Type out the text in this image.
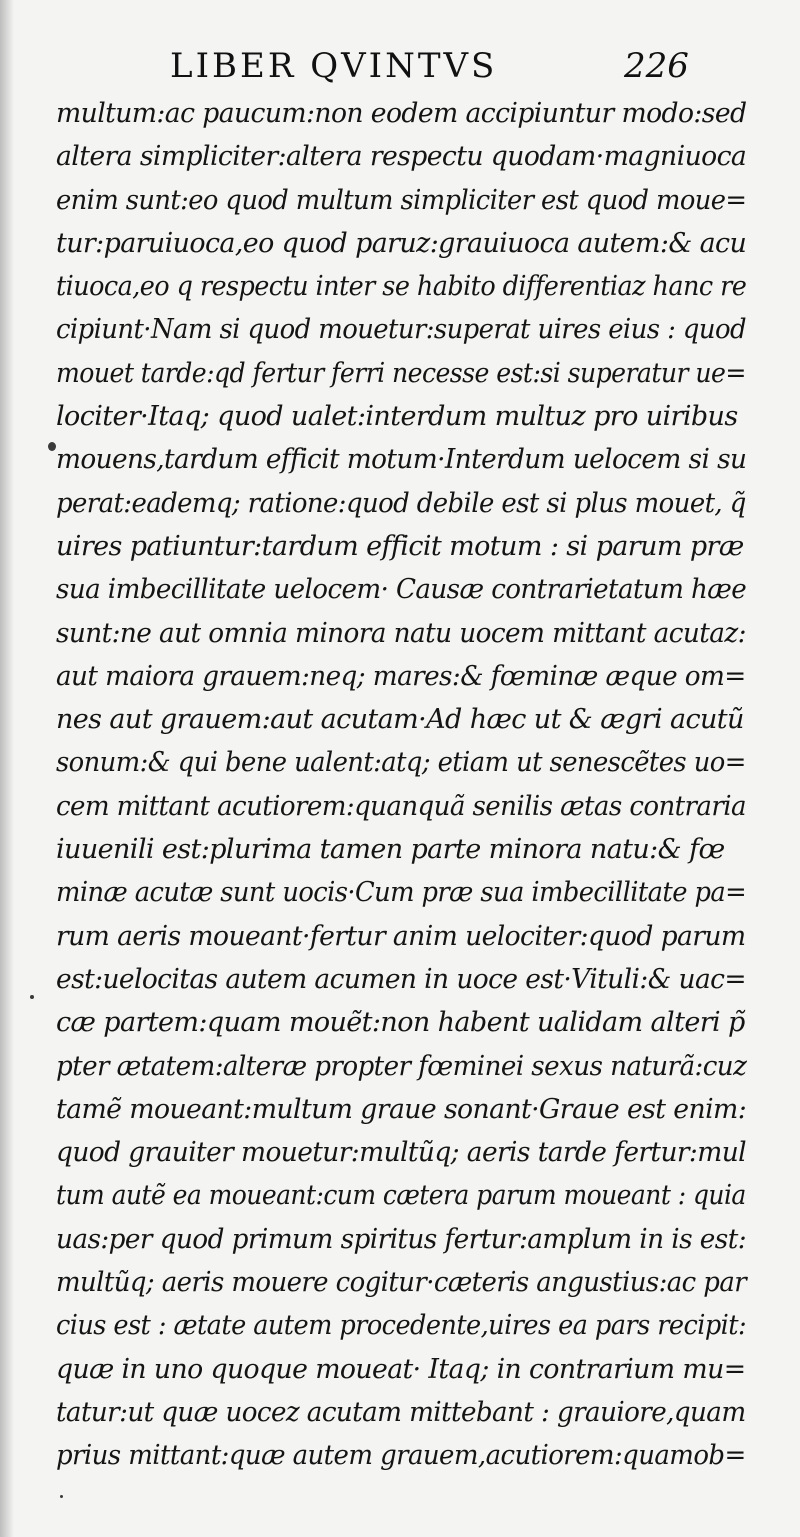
LIBER QVINTVS	226
multum:ac paucum:non eodem accipiuntur modo:sed
altera simpliciter:altera respectu quodam·magniuoca
enim sunt:eo quod multum simpliciter est quod moue=
tur:paruiuoca,eo quod paruz:grauiuoca autem:& acu
tiuoca,eo q respectu inter se habito differentiaz hanc re
cipiunt·Nam si quod mouetur:superat uires eius : quod
mouet tarde:qd fertur ferri necesse est:si superatur ue=
lociter·Itaq; quod ualet:interdum multuz pro uiribus
mouens,tardum efficit motum·Interdum uelocem si su
perat:eademq; ratione:quod debile est si plus mouet, q̃
uires patiuntur:tardum efficit motum : si parum præ
sua imbecillitate uelocem· Causæ contrarietatum hæe
sunt:ne aut omnia minora natu uocem mittant acutaz:
aut maiora grauem:neq; mares:& fœminæ æque om=
nes aut grauem:aut acutam·Ad hæc ut & ægri acutũ
sonum:& qui bene ualent:atq; etiam ut senescẽtes uo=
cem mittant acutiorem:quanquã senilis ætas contraria
iuuenili est:plurima tamen parte minora natu:& fœ
minæ acutæ sunt uocis·Cum præ sua imbecillitate pa=
rum aeris moueant·fertur anim uelociter:quod parum
est:uelocitas autem acumen in uoce est·Vituli:& uac=
cæ partem:quam mouẽt:non habent ualidam alteri p̃
pter ætatem:alteræ propter fœminei sexus naturã:cuz
tamẽ moueant:multum graue sonant·Graue est enim:
quod grauiter mouetur:multũq; aeris tarde fertur:mul
tum autẽ ea moueant:cum cætera parum moueant : quia
uas:per quod primum spiritus fertur:amplum in is est:
multũq; aeris mouere cogitur·cæteris angustius:ac par
cius est : ætate autem procedente,uires ea pars recipit:
quæ in uno quoque moueat· Itaq; in contrarium mu=
tatur:ut quæ uocez acutam mittebant : grauiore,quam
prius mittant:quæ autem grauem,acutiorem:quamob=
